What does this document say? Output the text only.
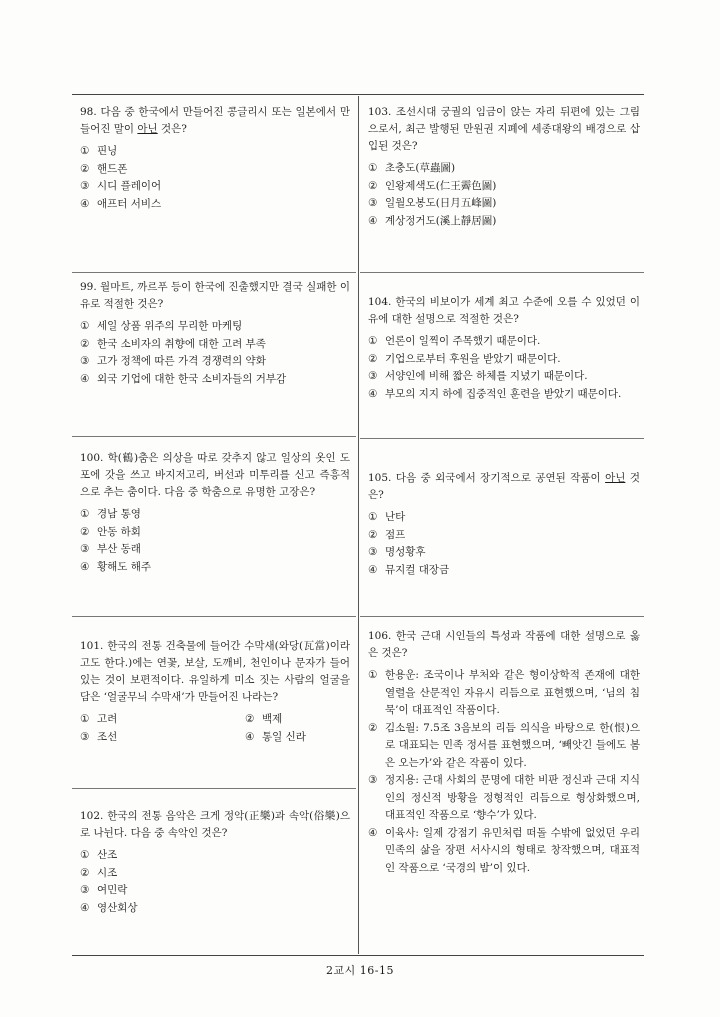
98. 다음 중 한국에서 만들어진 콩글리시 또는 일본에서 만들어진 말이 아닌 것은?

① 핀닝
② 핸드폰
③ 시디 플레이어
④ 애프터 서비스

99. 월마트, 까르푸 등이 한국에 진출했지만 결국 실패한 이유로 적절한 것은?

① 세일 상품 위주의 무리한 마케팅
② 한국 소비자의 취향에 대한 고려 부족
③ 고가 정책에 따른 가격 경쟁력의 약화
④ 외국 기업에 대한 한국 소비자들의 거부감

100. 학(鶴)춤은 의상을 따로 갖추지 않고 일상의 옷인 도포에 갓을 쓰고 바지저고리, 버선과 미투리를 신고 즉흥적으로 추는 춤이다. 다음 중 학춤으로 유명한 고장은?

① 경남 통영
② 안동 하회
③ 부산 동래
④ 황해도 해주

101. 한국의 전통 건축물에 들어간 수막새(와당(瓦當)이라고도 한다.)에는 연꽃, 보살, 도깨비, 천인이나 문자가 들어 있는 것이 보편적이다. 유일하게 미소 짓는 사람의 얼굴을 담은 ‘얼굴무늬 수막새’가 만들어진 나라는?

① 고려	② 백제
③ 조선	④ 통일 신라

102. 한국의 전통 음악은 크게 정악(正樂)과 속악(俗樂)으로 나뉜다. 다음 중 속악인 것은?

① 산조
② 시조
③ 여민락
④ 영산회상

103. 조선시대 궁궐의 임금이 앉는 자리 뒤편에 있는 그림으로서, 최근 발행된 만원권 지폐에 세종대왕의 배경으로 삽입된 것은?

① 초충도(草蟲圖)
② 인왕제색도(仁王霽色圖)
③ 일월오봉도(日月五峰圖)
④ 계상정거도(溪上靜居圖)

104. 한국의 비보이가 세계 최고 수준에 오를 수 있었던 이유에 대한 설명으로 적절한 것은?

① 언론이 일찍이 주목했기 때문이다.
② 기업으로부터 후원을 받았기 때문이다.
③ 서양인에 비해 짧은 하체를 지녔기 때문이다.
④ 부모의 지지 하에 집중적인 훈련을 받았기 때문이다.

105. 다음 중 외국에서 장기적으로 공연된 작품이 아닌 것은?

① 난타
② 점프
③ 명성황후
④ 뮤지컬 대장금

106. 한국 근대 시인들의 특성과 작품에 대한 설명으로 옳은 것은?

① 한용운: 조국이나 부처와 같은 형이상학적 존재에 대한 열렬을 산문적인 자유시 리듬으로 표현했으며, ‘님의 침묵’이 대표적인 작품이다.
② 김소월: 7.5조 3음보의 리듬 의식을 바탕으로 한(恨)으로 대표되는 민족 정서를 표현했으며, ‘빼앗긴 들에도 봄은 오는가’와 같은 작품이 있다.
③ 정지용: 근대 사회의 문명에 대한 비판 정신과 근대 지식인의 정신적 방황을 정형적인 리듬으로 형상화했으며, 대표적인 작품으로 ‘향수’가 있다.
④ 이육사: 일제 강점기 유민처럼 떠돌 수밖에 없었던 우리 민족의 삶을 장편 서사시의 형태로 창작했으며, 대표적인 작품으로 ‘국경의 밤’이 있다.
2교시 16-15
